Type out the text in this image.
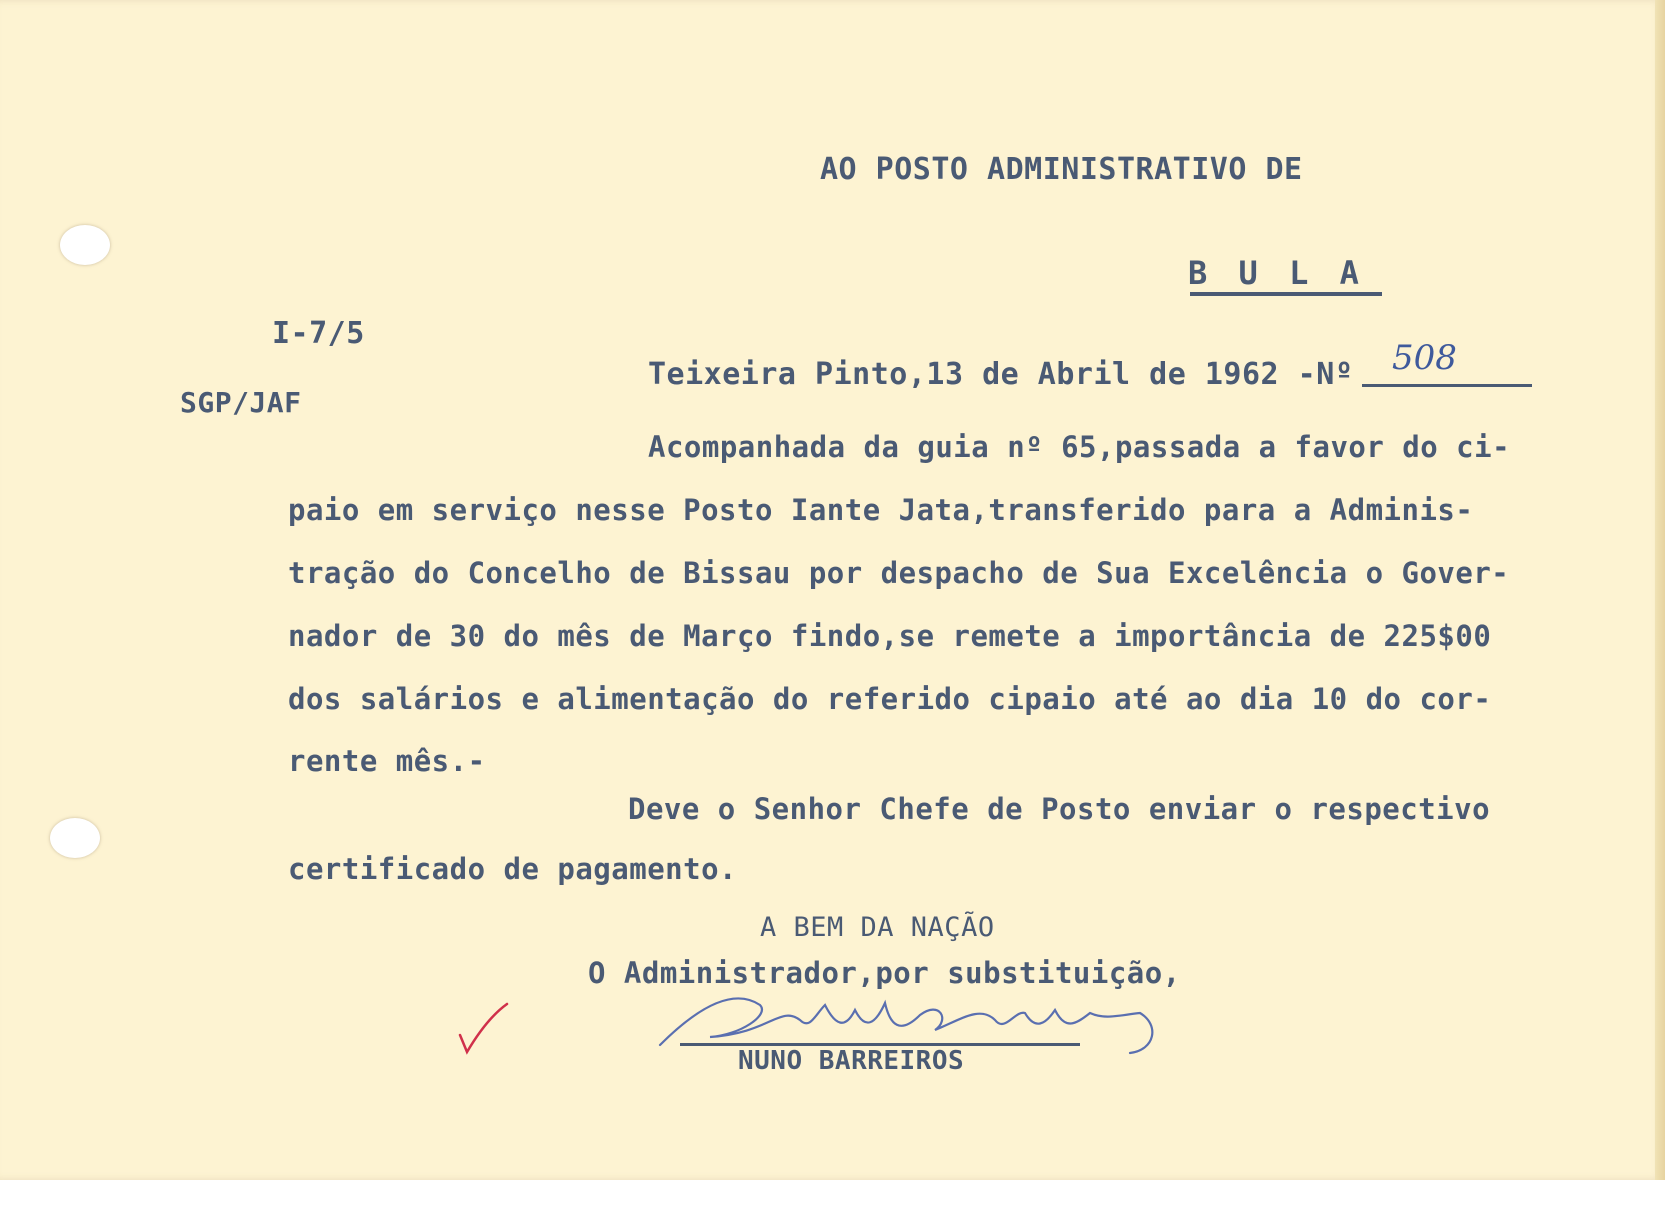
AO POSTO ADMINISTRATIVO DE
B U L A
I-7/5
SGP/JAF
Teixeira Pinto,13 de Abril de 1962 -Nº 508
Acompanhada da guia nº 65,passada a favor do ci-
paio em serviço nesse Posto Iante Jata,transferido para a Adminis-
tração do Concelho de Bissau por despacho de Sua Excelência o Gover-
nador de 30 do mês de Março findo,se remete a importância de 225$00
dos salários e alimentação do referido cipaio até ao dia 10 do cor-
rente mês.-
Deve o Senhor Chefe de Posto enviar o respectivo
certificado de pagamento.
A BEM DA NAÇÃO
O Administrador,por substituição,
NUNO BARREIROS
